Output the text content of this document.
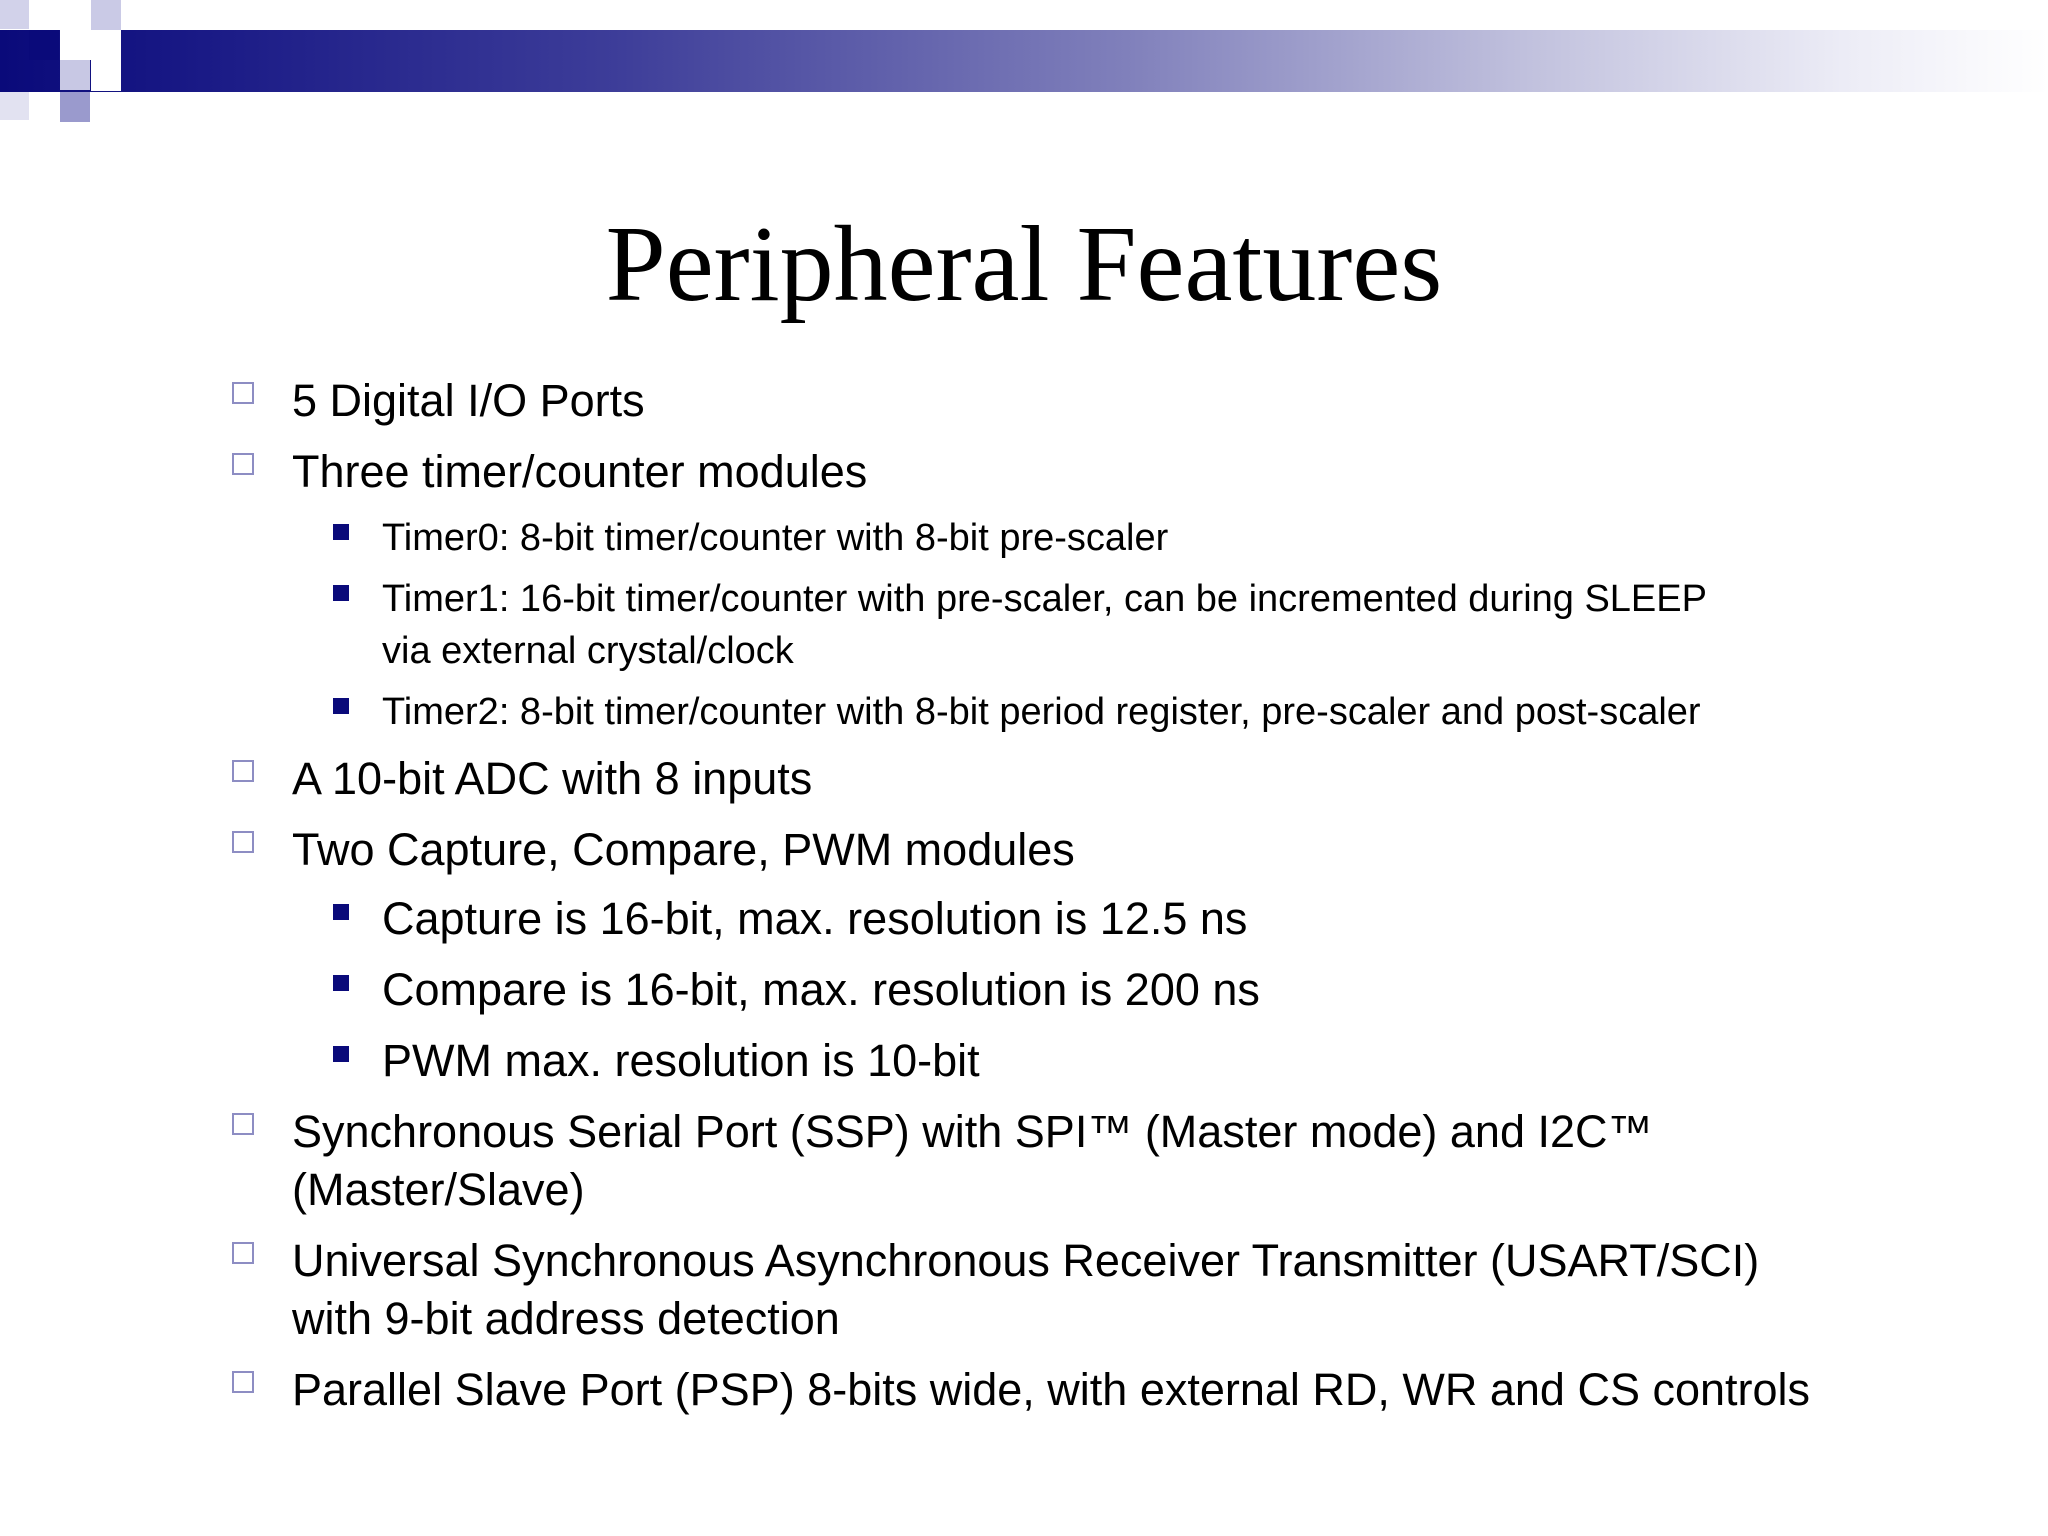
Peripheral Features
5 Digital I/O Ports
Three timer/counter modules
Timer0: 8-bit timer/counter with 8-bit pre-scaler
Timer1: 16-bit timer/counter with pre-scaler, can be incremented during SLEEP
via external crystal/clock
Timer2: 8-bit timer/counter with 8-bit period register, pre-scaler and post-scaler
A 10-bit ADC with 8 inputs
Two Capture, Compare, PWM modules
Capture is 16-bit, max. resolution is 12.5 ns
Compare is 16-bit, max. resolution is 200 ns
PWM max. resolution is 10-bit
Synchronous Serial Port (SSP) with SPI™ (Master mode) and I2C™
(Master/Slave)
Universal Synchronous Asynchronous Receiver Transmitter (USART/SCI)
with 9-bit address detection
Parallel Slave Port (PSP) 8-bits wide, with external RD, WR and CS controls
